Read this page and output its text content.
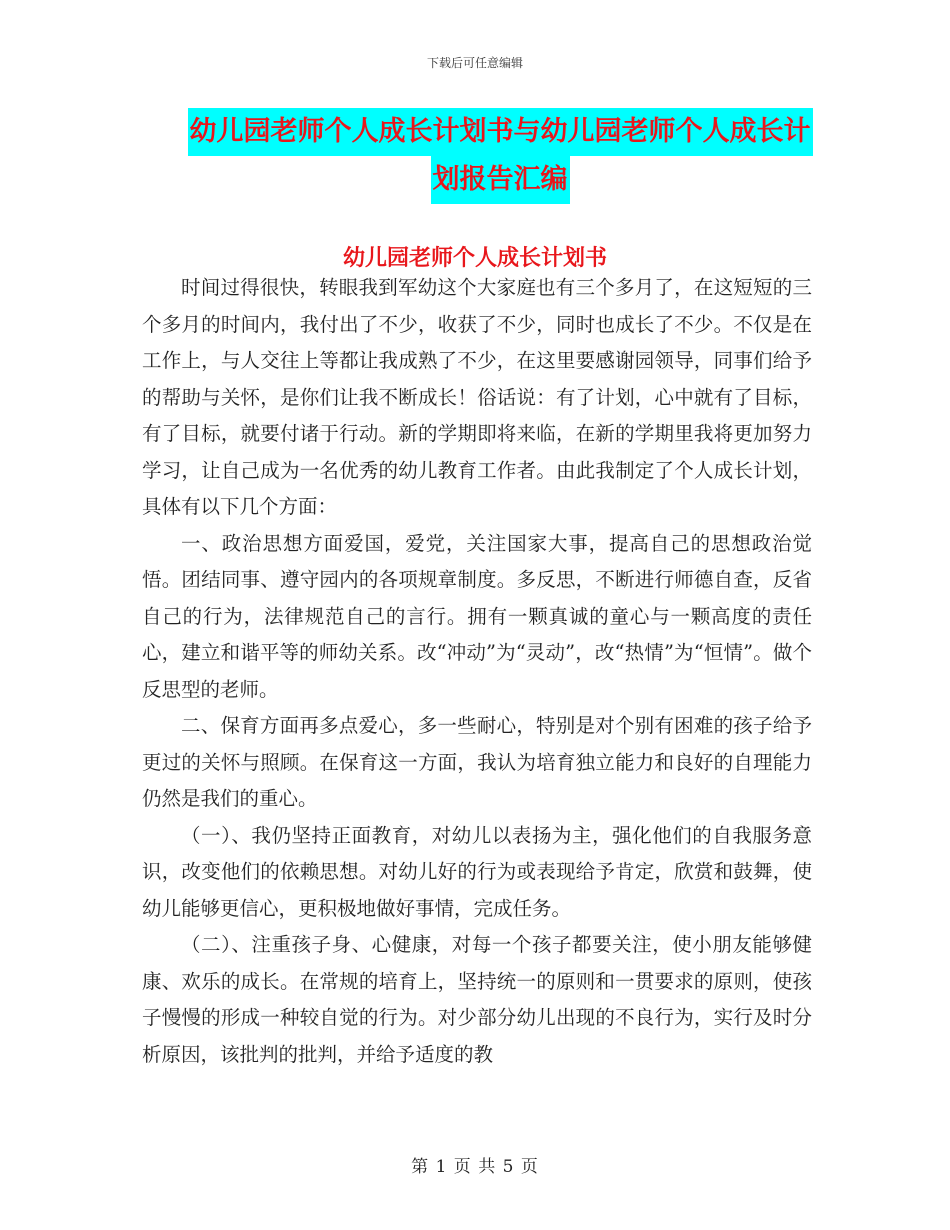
下载后可任意编辑
幼儿园老师个人成长计划书与幼儿园老师个人成长计
划报告汇编
幼儿园老师个人成长计划书

时间过得很快，转眼我到军幼这个大家庭也有三个多月了，在这短短的三个多月的时间内，我付出了不少，收获了不少，同时也成长了不少。不仅是在工作上，与人交往上等都让我成熟了不少，在这里要感谢园领导，同事们给予的帮助与关怀，是你们让我不断成长！俗话说：有了计划，心中就有了目标，有了目标，就要付诸于行动。新的学期即将来临，在新的学期里我将更加努力学习，让自己成为一名优秀的幼儿教育工作者。由此我制定了个人成长计划，具体有以下几个方面：

一、政治思想方面爱国，爱党，关注国家大事，提高自己的思想政治觉悟。团结同事、遵守园内的各项规章制度。多反思，不断进行师德自查，反省自己的行为，法律规范自己的言行。拥有一颗真诚的童心与一颗高度的责任心，建立和谐平等的师幼关系。改“冲动”为“灵动”，改“热情”为“恒情”。做个反思型的老师。

二、保育方面再多点爱心，多一些耐心，特别是对个别有困难的孩子给予更过的关怀与照顾。在保育这一方面，我认为培育独立能力和良好的自理能力仍然是我们的重心。

（一）、我仍坚持正面教育，对幼儿以表扬为主，强化他们的自我服务意识，改变他们的依赖思想。对幼儿好的行为或表现给予肯定，欣赏和鼓舞，使幼儿能够更信心，更积极地做好事情，完成任务。

（二）、注重孩子身、心健康，对每一个孩子都要关注，使小朋友能够健康、欢乐的成长。在常规的培育上，坚持统一的原则和一贯要求的原则，使孩子慢慢的形成一种较自觉的行为。对少部分幼儿出现的不良行为，实行及时分析原因，该批判的批判，并给予适度的教

第 1 页 共 5 页
